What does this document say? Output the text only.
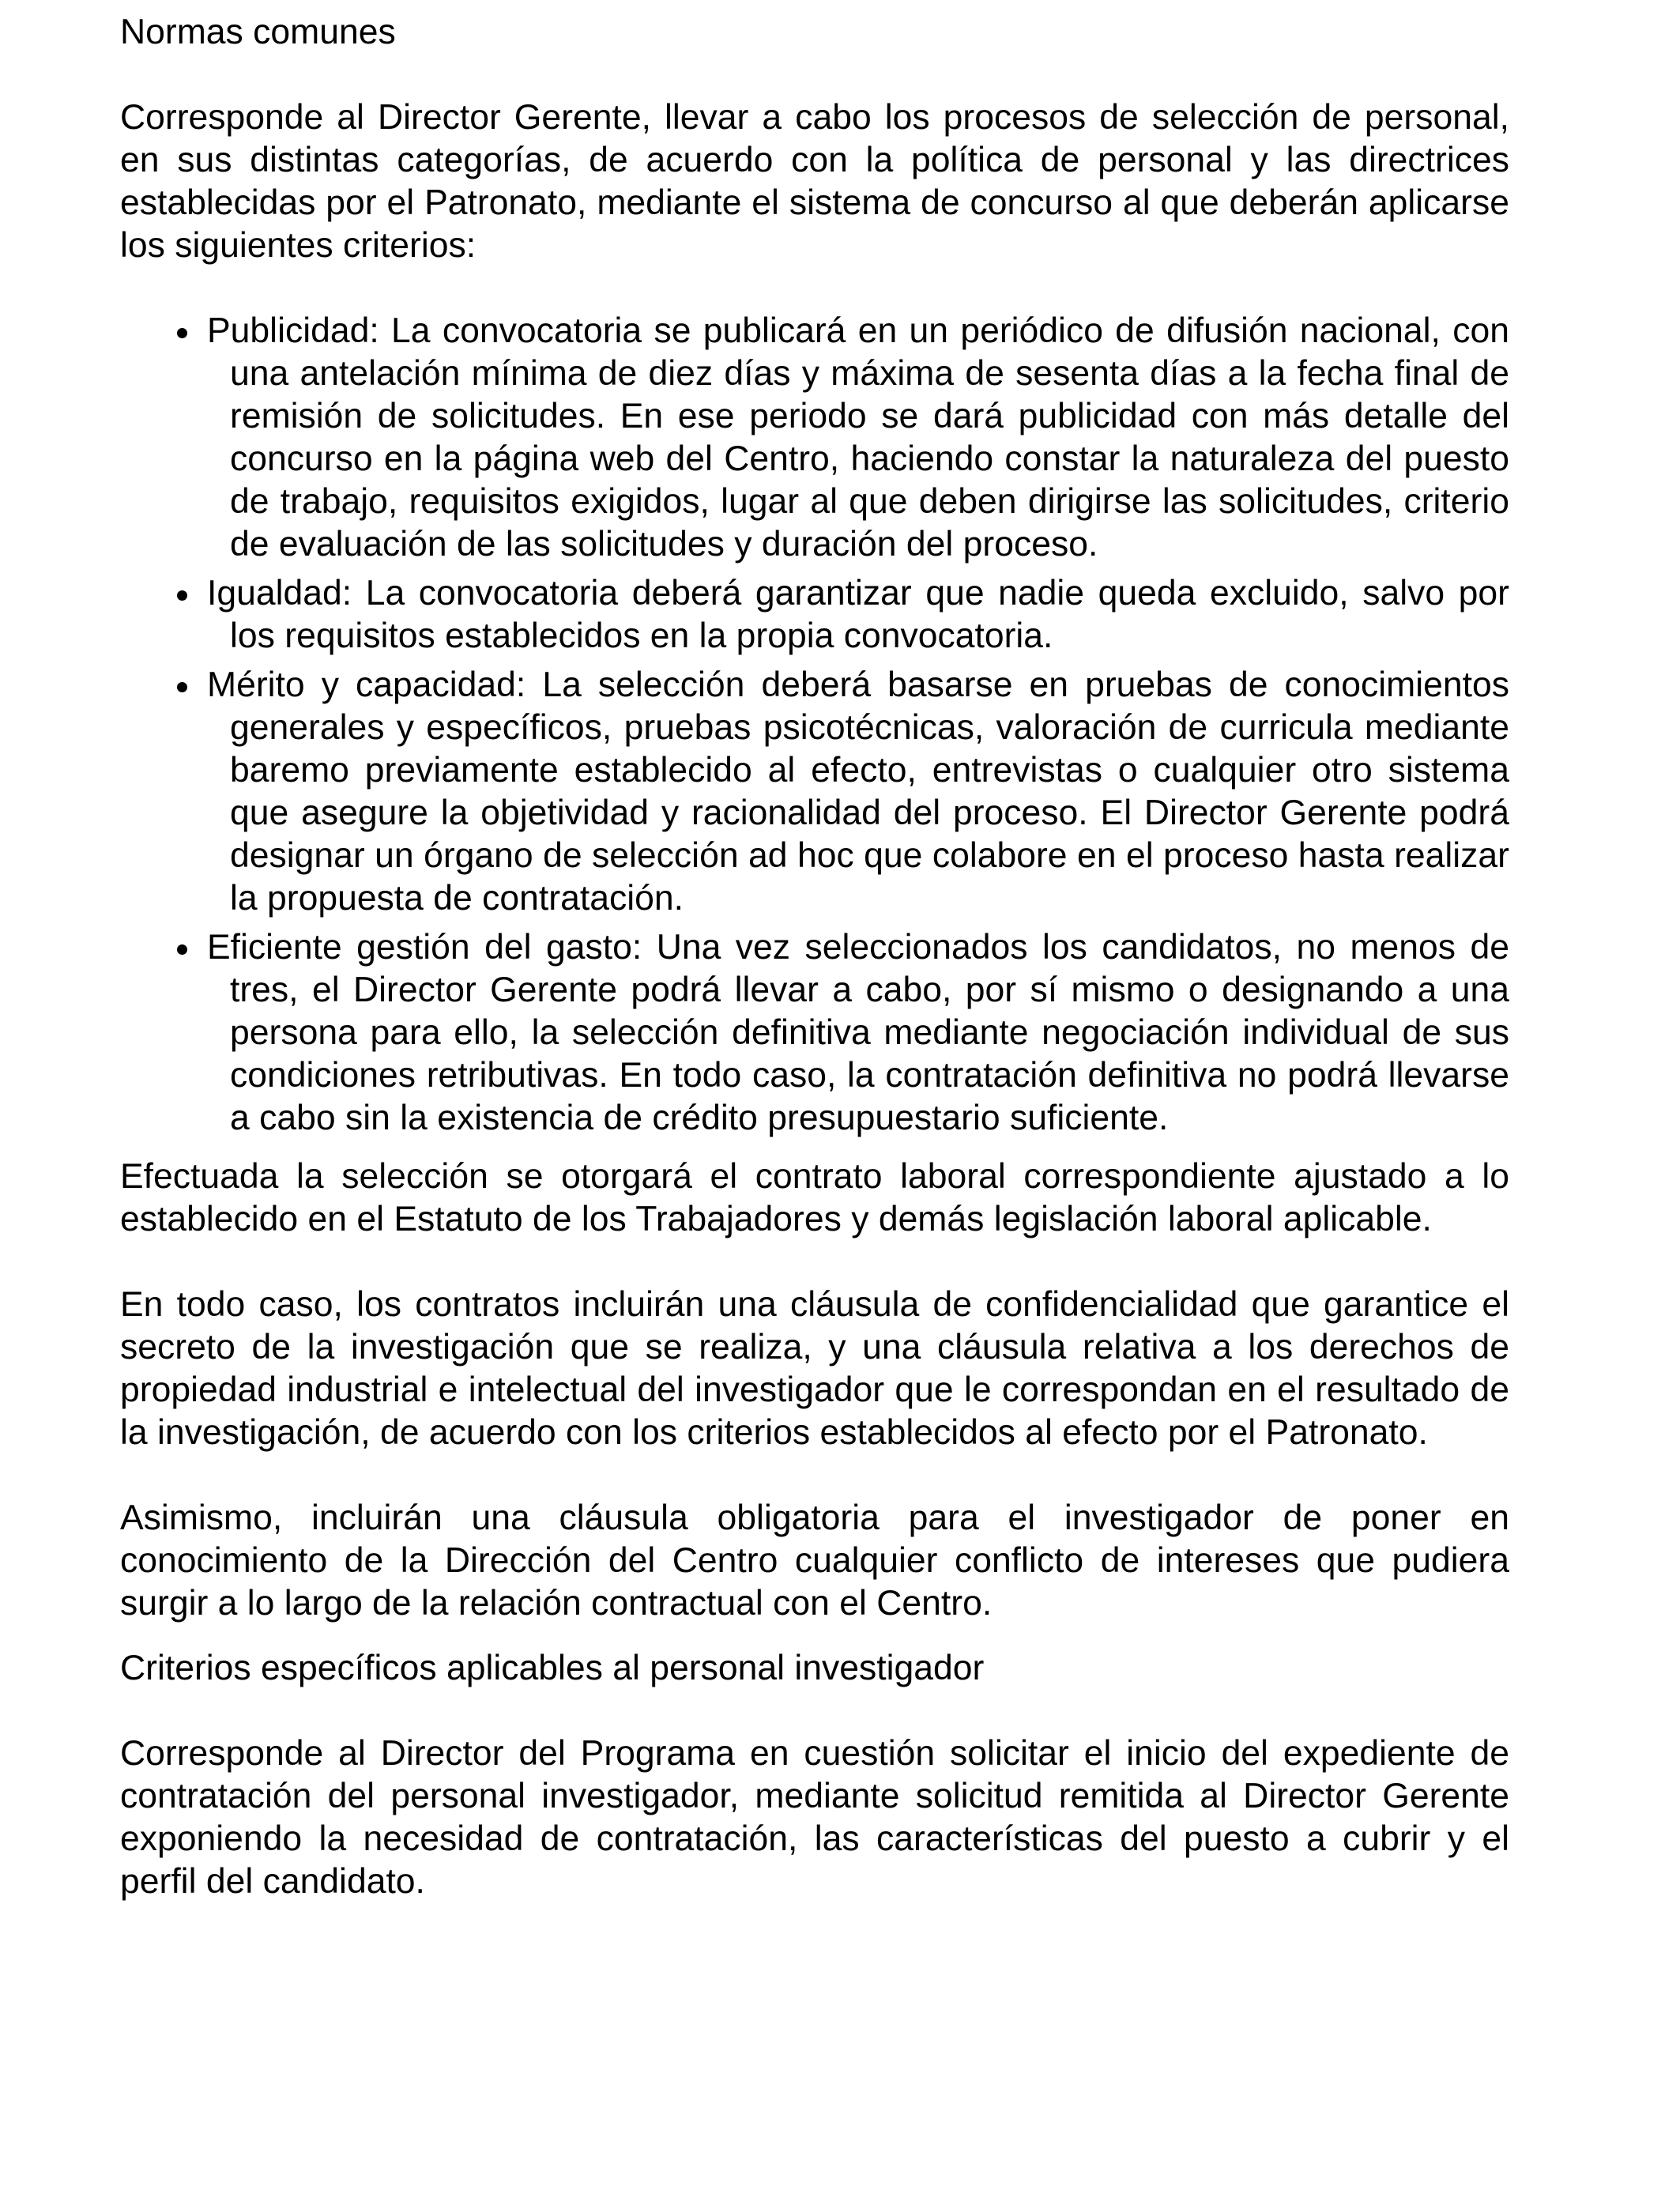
Normas comunes

Corresponde al Director Gerente, llevar a cabo los procesos de selección de personal, en sus distintas categorías, de acuerdo con la política de personal y las directrices establecidas por el Patronato, mediante el sistema de concurso al que deberán aplicarse los siguientes criterios:

Publicidad: La convocatoria se publicará en un periódico de difusión nacional, con una antelación mínima de diez días y máxima de sesenta días a la fecha final de remisión de solicitudes. En ese periodo se dará publicidad con más detalle del concurso en la página web del Centro, haciendo constar la naturaleza del puesto de trabajo, requisitos exigidos, lugar al que deben dirigirse las solicitudes, criterio de evaluación de las solicitudes y duración del proceso.
Igualdad: La convocatoria deberá garantizar que nadie queda excluido, salvo por los requisitos establecidos en la propia convocatoria.
Mérito y capacidad: La selección deberá basarse en pruebas de conocimientos generales y específicos, pruebas psicotécnicas, valoración de curricula mediante baremo previamente establecido al efecto, entrevistas o cualquier otro sistema que asegure la objetividad y racionalidad del proceso. El Director Gerente podrá designar un órgano de selección ad hoc que colabore en el proceso hasta realizar la propuesta de contratación.
Eficiente gestión del gasto: Una vez seleccionados los candidatos, no menos de tres, el Director Gerente podrá llevar a cabo, por sí mismo o designando a una persona para ello, la selección definitiva mediante negociación individual de sus condiciones retributivas. En todo caso, la contratación definitiva no podrá llevarse a cabo sin la existencia de crédito presupuestario suficiente.

Efectuada la selección se otorgará el contrato laboral correspondiente ajustado a lo establecido en el Estatuto de los Trabajadores y demás legislación laboral aplicable.

En todo caso, los contratos incluirán una cláusula de confidencialidad que garantice el secreto de la investigación que se realiza, y una cláusula relativa a los derechos de propiedad industrial e intelectual del investigador que le correspondan en el resultado de la investigación, de acuerdo con los criterios establecidos al efecto por el Patronato.

Asimismo, incluirán una cláusula obligatoria para el investigador de poner en conocimiento de la Dirección del Centro cualquier conflicto de intereses que pudiera surgir a lo largo de la relación contractual con el Centro.

Criterios específicos aplicables al personal investigador

Corresponde al Director del Programa en cuestión solicitar el inicio del expediente de contratación del personal investigador, mediante solicitud remitida al Director Gerente exponiendo la necesidad de contratación, las características del puesto a cubrir y el perfil del candidato.
